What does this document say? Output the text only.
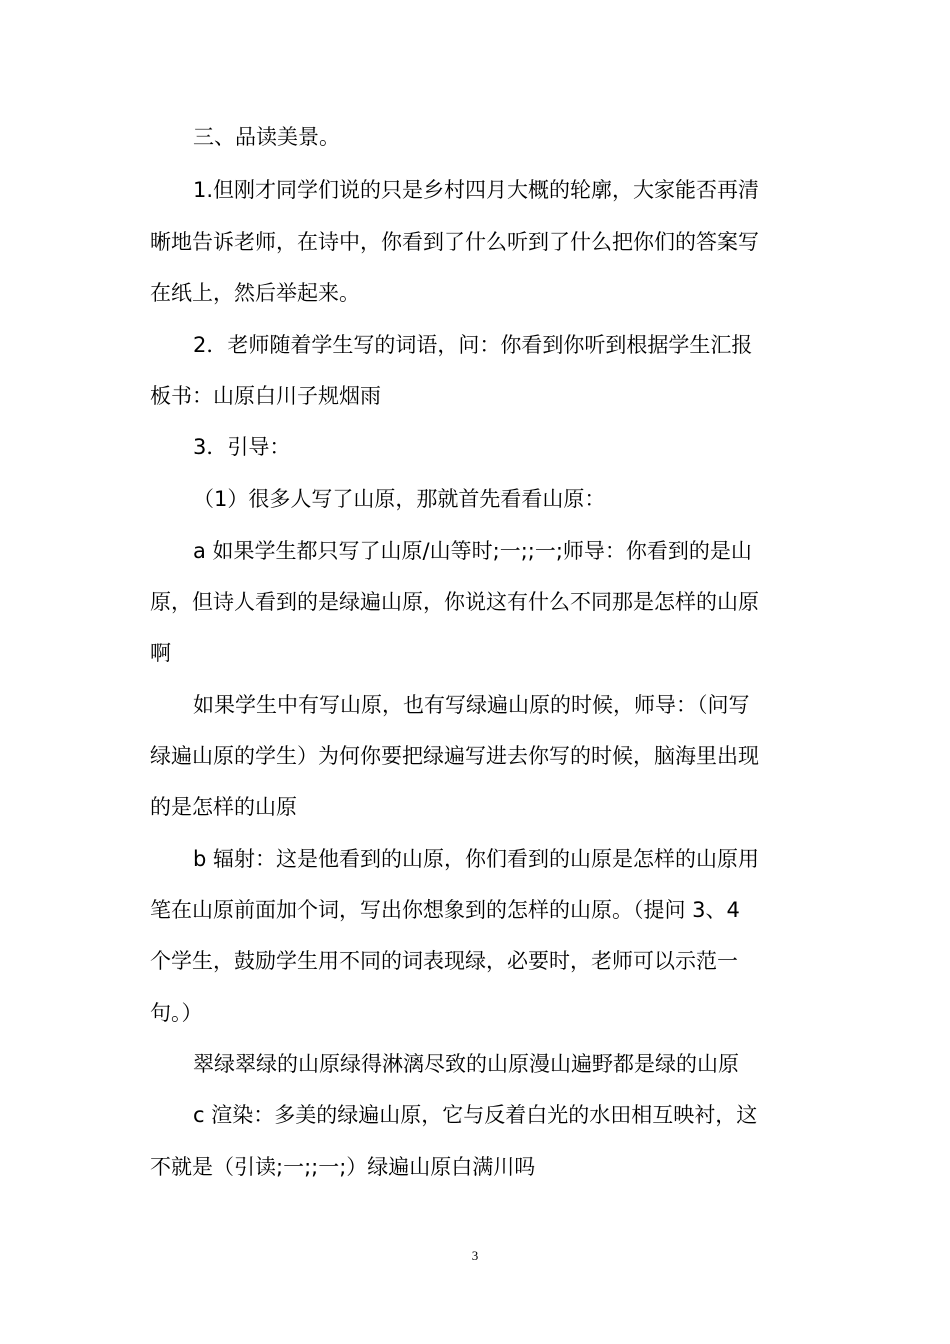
三、品读美景。
1.但刚才同学们说的只是乡村四月大概的轮廓，大家能否再清
晰地告诉老师，在诗中，你看到了什么听到了什么把你们的答案写
在纸上，然后举起来。
2．老师随着学生写的词语，问：你看到你听到根据学生汇报
板书：山原白川子规烟雨
3．引导：
（1）很多人写了山原，那就首先看看山原：
a 如果学生都只写了山原/山等时;一;;一;师导：你看到的是山
原，但诗人看到的是绿遍山原，你说这有什么不同那是怎样的山原
啊
如果学生中有写山原，也有写绿遍山原的时候，师导：（问写
绿遍山原的学生）为何你要把绿遍写进去你写的时候，脑海里出现
的是怎样的山原
b 辐射：这是他看到的山原，你们看到的山原是怎样的山原用
笔在山原前面加个词，写出你想象到的怎样的山原。（提问 3、4
个学生，鼓励学生用不同的词表现绿，必要时，老师可以示范一
句。）
翠绿翠绿的山原绿得淋漓尽致的山原漫山遍野都是绿的山原
c 渲染：多美的绿遍山原，它与反着白光的水田相互映衬，这
不就是（引读;一;;一;）绿遍山原白满川吗
3
